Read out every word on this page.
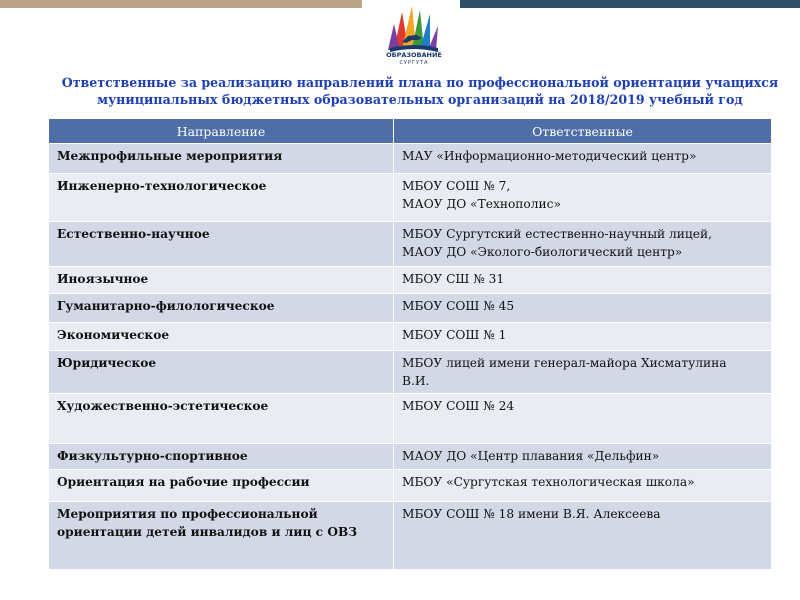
ОБРАЗОВАНИЕ
СУРГУТА
Ответственные за реализацию направлений плана по профессиональной ориентации учащихся
муниципальных бюджетных образовательных организаций на 2018/2019 учебный год
Направление	Ответственные
Межпрофильные мероприятия	МАУ «Информационно-методический центр»

Инженерно-технологическое	МБОУ СОШ № 7,
МАОУ ДО «Технополис»

Естественно-научное	МБОУ Сургутский естественно-научный лицей,
МАОУ ДО «Эколого-биологический центр»

Иноязычное	МБОУ СШ № 31

Гуманитарно-филологическое	МБОУ СОШ № 45

Экономическое	МБОУ СОШ № 1

Юридическое	МБОУ лицей имени генерал-майора Хисматулина
В.И.

Художественно-эстетическое	МБОУ СОШ № 24

Физкультурно-спортивное	МАОУ ДО «Центр плавания «Дельфин»

Ориентация на рабочие профессии	МБОУ «Сургутская технологическая школа»

Мероприятия по профессиональной ориентации детей инвалидов и лиц с ОВЗ	МБОУ СОШ № 18 имени В.Я. Алексеева
